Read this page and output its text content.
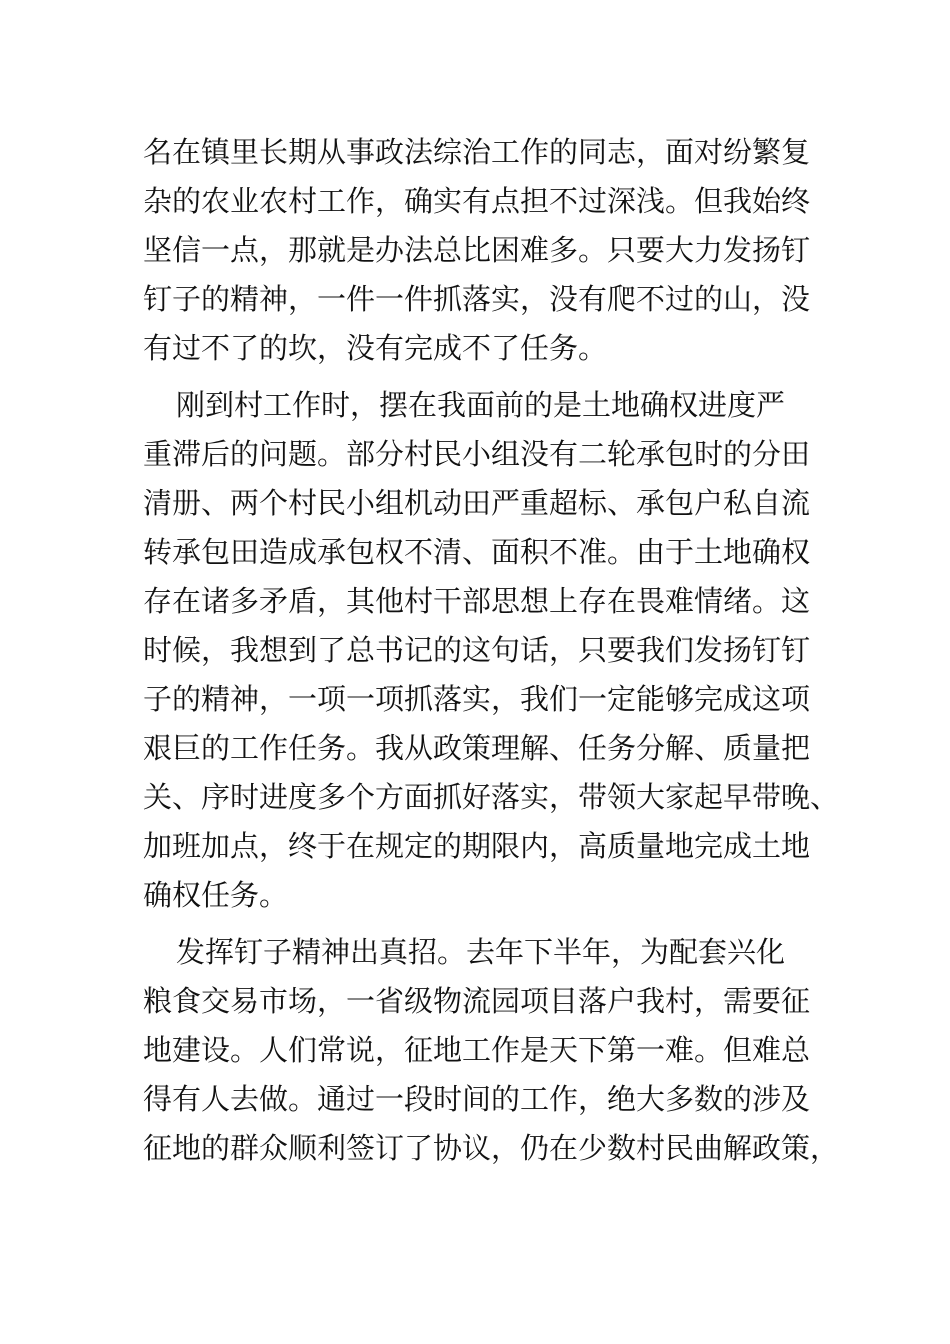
名在镇里长期从事政法综治工作的同志，面对纷繁复
杂的农业农村工作，确实有点担不过深浅。但我始终
坚信一点，那就是办法总比困难多。只要大力发扬钉
钉子的精神，一件一件抓落实，没有爬不过的山，没
有过不了的坎，没有完成不了任务。
刚到村工作时，摆在我面前的是土地确权进度严
重滞后的问题。部分村民小组没有二轮承包时的分田
清册、两个村民小组机动田严重超标、承包户私自流
转承包田造成承包权不清、面积不准。由于土地确权
存在诸多矛盾，其他村干部思想上存在畏难情绪。这
时候，我想到了总书记的这句话，只要我们发扬钉钉
子的精神，一项一项抓落实，我们一定能够完成这项
艰巨的工作任务。我从政策理解、任务分解、质量把
关、序时进度多个方面抓好落实，带领大家起早带晚、
加班加点，终于在规定的期限内，高质量地完成土地
确权任务。
发挥钉子精神出真招。去年下半年，为配套兴化
粮食交易市场，一省级物流园项目落户我村，需要征
地建设。人们常说，征地工作是天下第一难。但难总
得有人去做。通过一段时间的工作，绝大多数的涉及
征地的群众顺利签订了协议，仍在少数村民曲解政策，
